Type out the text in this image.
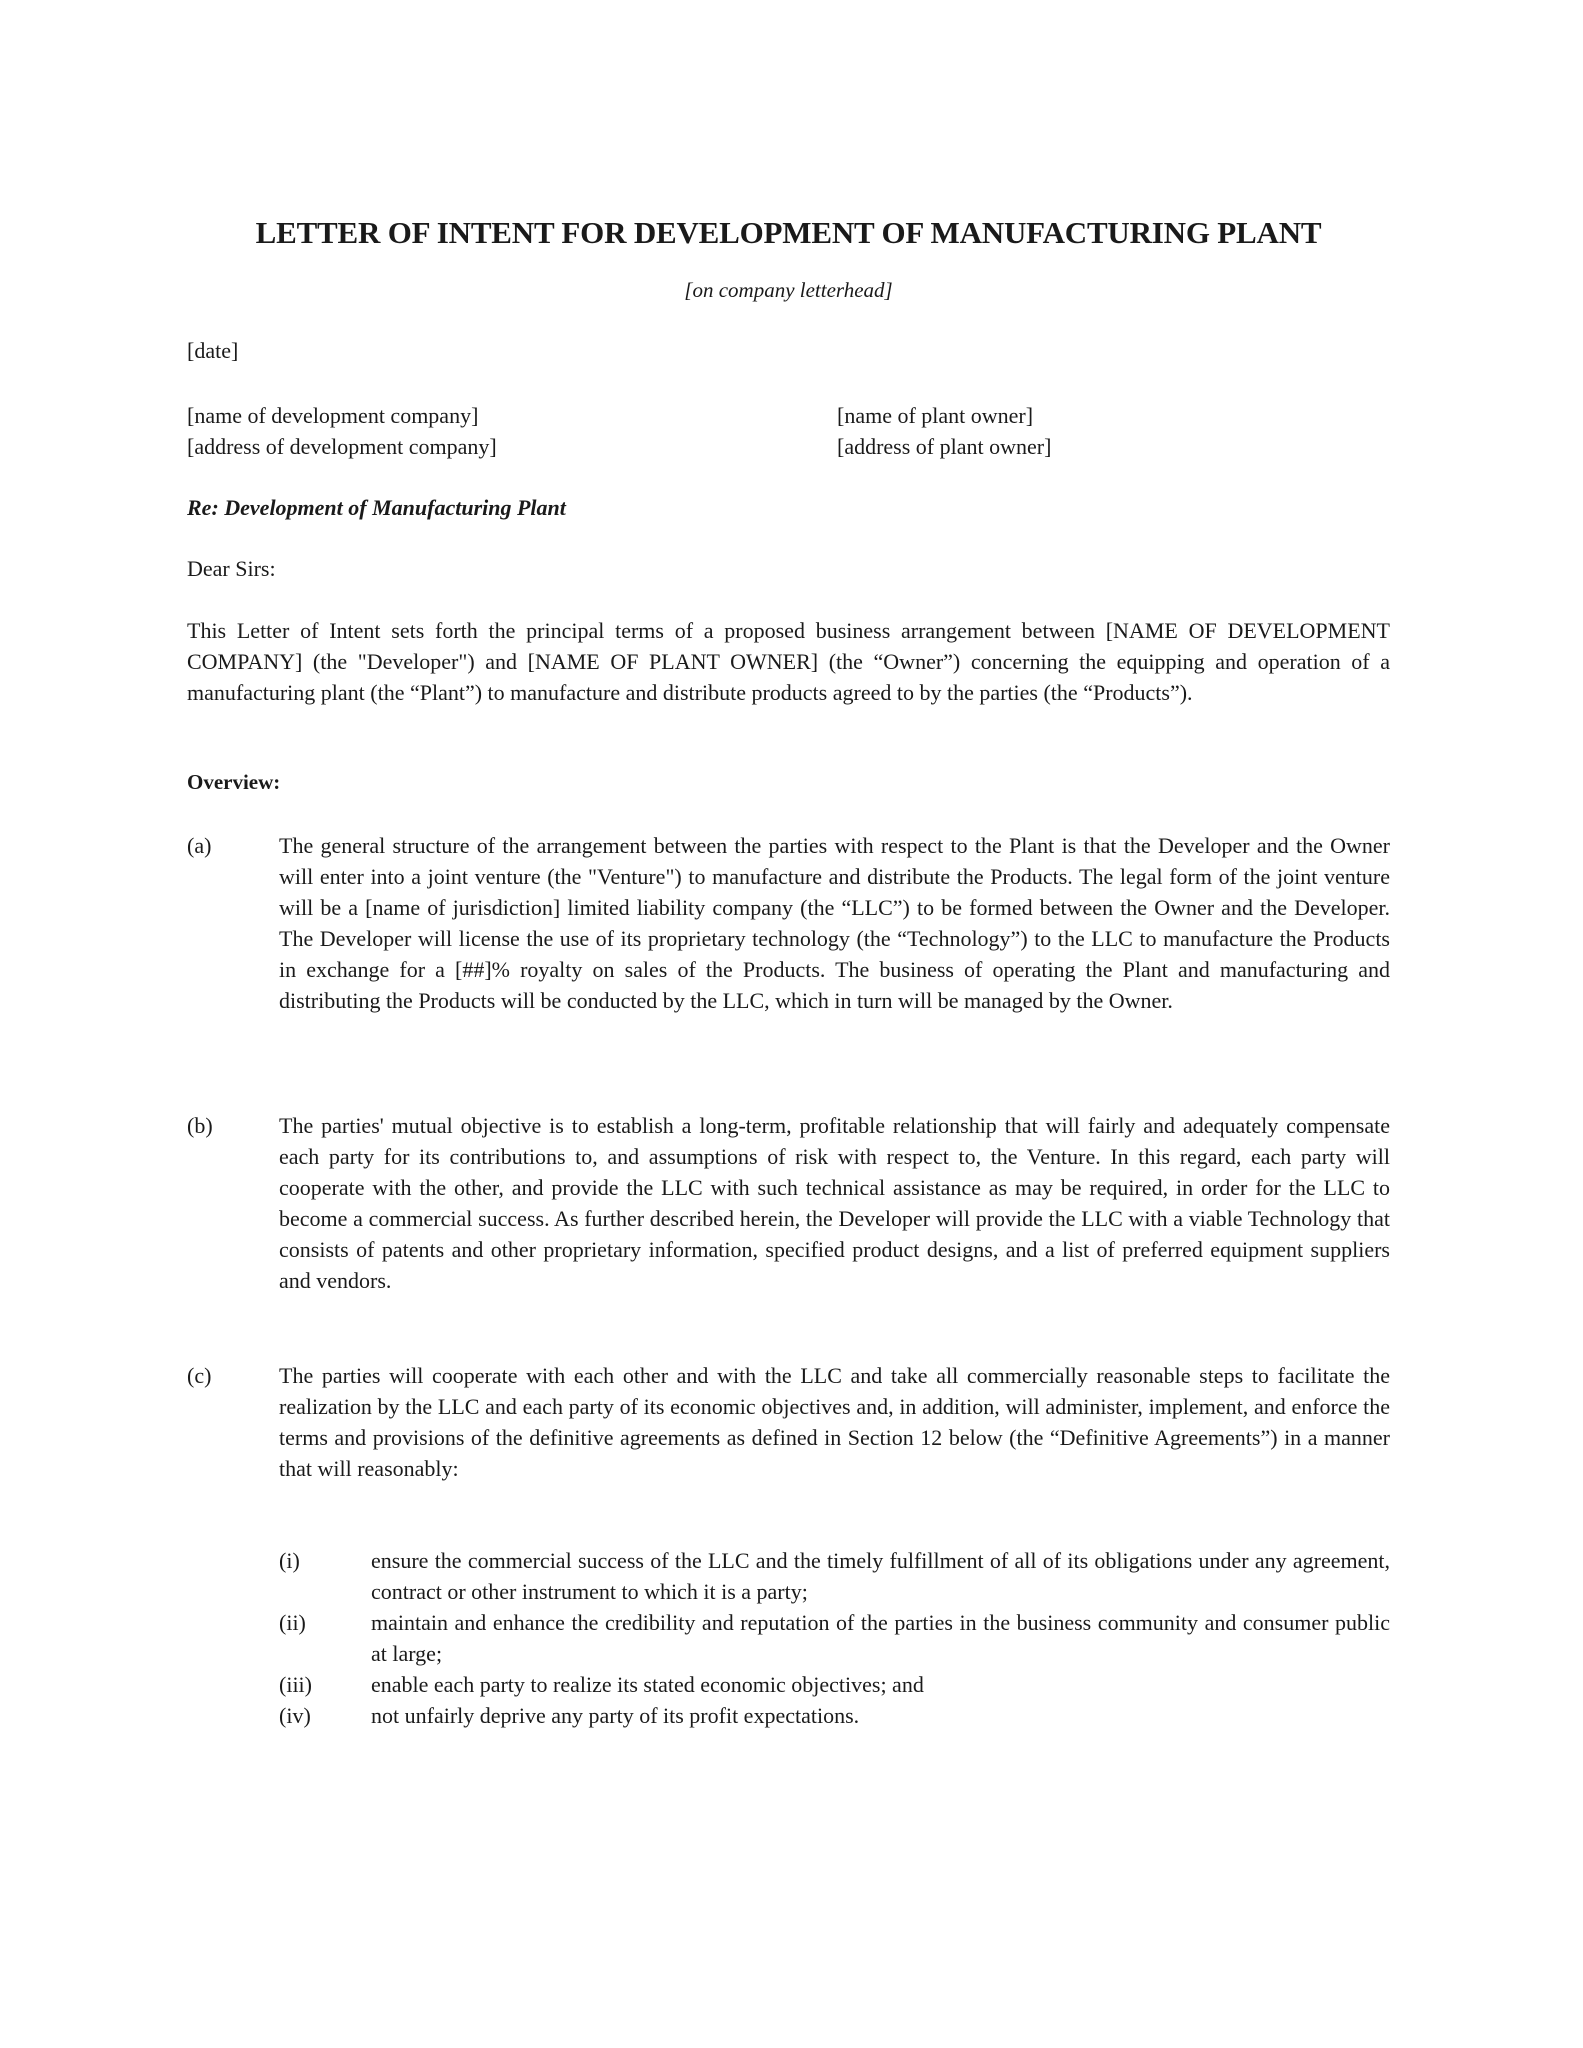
LETTER OF INTENT FOR DEVELOPMENT OF MANUFACTURING PLANT
[on company letterhead]
[date]
[name of development company]
[address of development company]
[name of plant owner]
[address of plant owner]
Re: Development of Manufacturing Plant
Dear Sirs:
This Letter of Intent sets forth the principal terms of a proposed business arrangement between [NAME OF DEVELOPMENT COMPANY] (the "Developer") and [NAME OF PLANT OWNER] (the “Owner”) concerning the equipping and operation of a manufacturing plant (the “Plant”) to manufacture and distribute products agreed to by the parties (the “Products”).
Overview:
(a)	The general structure of the arrangement between the parties with respect to the Plant is that the Developer and the Owner will enter into a joint venture (the "Venture") to manufacture and distribute the Products. The legal form of the joint venture will be a [name of jurisdiction] limited liability company (the “LLC”) to be formed between the Owner and the Developer. The Developer will license the use of its proprietary technology (the “Technology”) to the LLC to manufacture the Products in exchange for a [##]% royalty on sales of the Products. The business of operating the Plant and manufacturing and distributing the Products will be conducted by the LLC, which in turn will be managed by the Owner.
(b)	The parties' mutual objective is to establish a long-term, profitable relationship that will fairly and adequately compensate each party for its contributions to, and assumptions of risk with respect to, the Venture. In this regard, each party will cooperate with the other, and provide the LLC with such technical assistance as may be required, in order for the LLC to become a commercial success. As further described herein, the Developer will provide the LLC with a viable Technology that consists of patents and other proprietary information, specified product designs, and a list of preferred equipment suppliers and vendors.
(c)	The parties will cooperate with each other and with the LLC and take all commercially reasonable steps to facilitate the realization by the LLC and each party of its economic objectives and, in addition, will administer, implement, and enforce the terms and provisions of the definitive agreements as defined in Section 12 below (the “Definitive Agreements”) in a manner that will reasonably:
(i)	ensure the commercial success of the LLC and the timely fulfillment of all of its obligations under any agreement, contract or other instrument to which it is a party;
(ii)	maintain and enhance the credibility and reputation of the parties in the business community and consumer public at large;
(iii)	enable each party to realize its stated economic objectives; and
(iv)	not unfairly deprive any party of its profit expectations.
